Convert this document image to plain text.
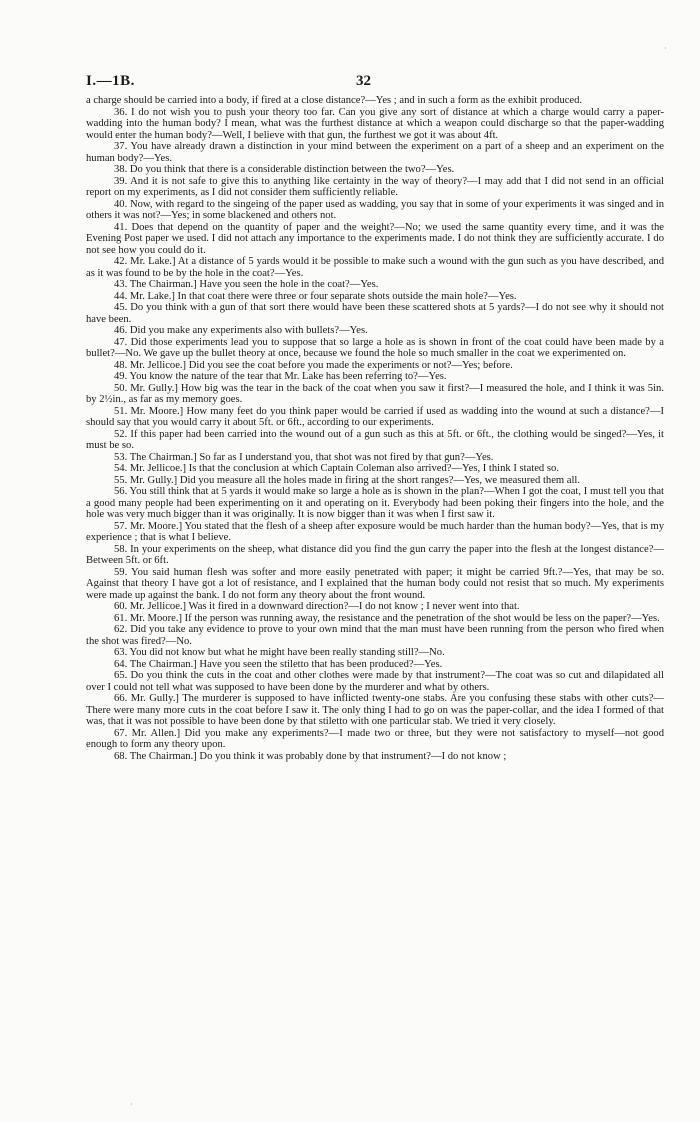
I.—1B.	32

a charge should be carried into a body, if fired at a close distance?—Yes ; and in such a form as the exhibit produced.

36. I do not wish you to push your theory too far. Can you give any sort of distance at which a charge would carry a paper-wadding into the human body? I mean, what was the furthest distance at which a weapon could discharge so that the paper-wadding would enter the human body?—Well, I believe with that gun, the furthest we got it was about 4ft.

37. You have already drawn a distinction in your mind between the experiment on a part of a sheep and an experiment on the human body?—Yes.

38. Do you think that there is a considerable distinction between the two?—Yes.

39. And it is not safe to give this to anything like certainty in the way of theory?—I may add that I did not send in an official report on my experiments, as I did not consider them sufficiently reliable.

40. Now, with regard to the singeing of the paper used as wadding, you say that in some of your experiments it was singed and in others it was not?—Yes; in some blackened and others not.

41. Does that depend on the quantity of paper and the weight?—No; we used the same quantity every time, and it was the Evening Post paper we used. I did not attach any importance to the experiments made. I do not think they are sufficiently accurate. I do not see how you could do it.

42. Mr. Lake.] At a distance of 5 yards would it be possible to make such a wound with the gun such as you have described, and as it was found to be by the hole in the coat?—Yes.

43. The Chairman.] Have you seen the hole in the coat?—Yes.

44. Mr. Lake.] In that coat there were three or four separate shots outside the main hole?—Yes.

45. Do you think with a gun of that sort there would have been these scattered shots at 5 yards?—I do not see why it should not have been.

46. Did you make any experiments also with bullets?—Yes.

47. Did those experiments lead you to suppose that so large a hole as is shown in front of the coat could have been made by a bullet?—No. We gave up the bullet theory at once, because we found the hole so much smaller in the coat we experimented on.

48. Mr. Jellicoe.] Did you see the coat before you made the experiments or not?—Yes; before.

49. You know the nature of the tear that Mr. Lake has been referring to?—Yes.

50. Mr. Gully.] How big was the tear in the back of the coat when you saw it first?—I measured the hole, and I think it was 5in. by 2½in., as far as my memory goes.

51. Mr. Moore.] How many feet do you think paper would be carried if used as wadding into the wound at such a distance?—I should say that you would carry it about 5ft. or 6ft., according to our experiments.

52. If this paper had been carried into the wound out of a gun such as this at 5ft. or 6ft., the clothing would be singed?—Yes, it must be so.

53. The Chairman.] So far as I understand you, that shot was not fired by that gun?—Yes.

54. Mr. Jellicoe.] Is that the conclusion at which Captain Coleman also arrived?—Yes, I think I stated so.

55. Mr. Gully.] Did you measure all the holes made in firing at the short ranges?—Yes, we measured them all.

56. You still think that at 5 yards it would make so large a hole as is shown in the plan?—When I got the coat, I must tell you that a good many people had been experimenting on it and operating on it. Everybody had been poking their fingers into the hole, and the hole was very much bigger than it was originally. It is now bigger than it was when I first saw it.

57. Mr. Moore.] You stated that the flesh of a sheep after exposure would be much harder than the human body?—Yes, that is my experience ; that is what I believe.

58. In your experiments on the sheep, what distance did you find the gun carry the paper into the flesh at the longest distance?—Between 5ft. or 6ft.

59. You said human flesh was softer and more easily penetrated with paper; it might be carried 9ft.?—Yes, that may be so. Against that theory I have got a lot of resistance, and I explained that the human body could not resist that so much. My experiments were made up against the bank. I do not form any theory about the front wound.

60. Mr. Jellicoe.] Was it fired in a downward direction?—I do not know ; I never went into that.

61. Mr. Moore.] If the person was running away, the resistance and the penetration of the shot would be less on the paper?—Yes.

62. Did you take any evidence to prove to your own mind that the man must have been running from the person who fired when the shot was fired?—No.

63. You did not know but what he might have been really standing still?—No.

64. The Chairman.] Have you seen the stiletto that has been produced?—Yes.

65. Do you think the cuts in the coat and other clothes were made by that instrument?—The coat was so cut and dilapidated all over I could not tell what was supposed to have been done by the murderer and what by others.

66. Mr. Gully.] The murderer is supposed to have inflicted twenty-one stabs. Are you confusing these stabs with other cuts?—There were many more cuts in the coat before I saw it. The only thing I had to go on was the paper-collar, and the idea I formed of that was, that it was not possible to have been done by that stiletto with one particular stab. We tried it very closely.

67. Mr. Allen.] Did you make any experiments?—I made two or three, but they were not satisfactory to myself—not good enough to form any theory upon.

68. The Chairman.] Do you think it was probably done by that instrument?—I do not know ;

·
·
